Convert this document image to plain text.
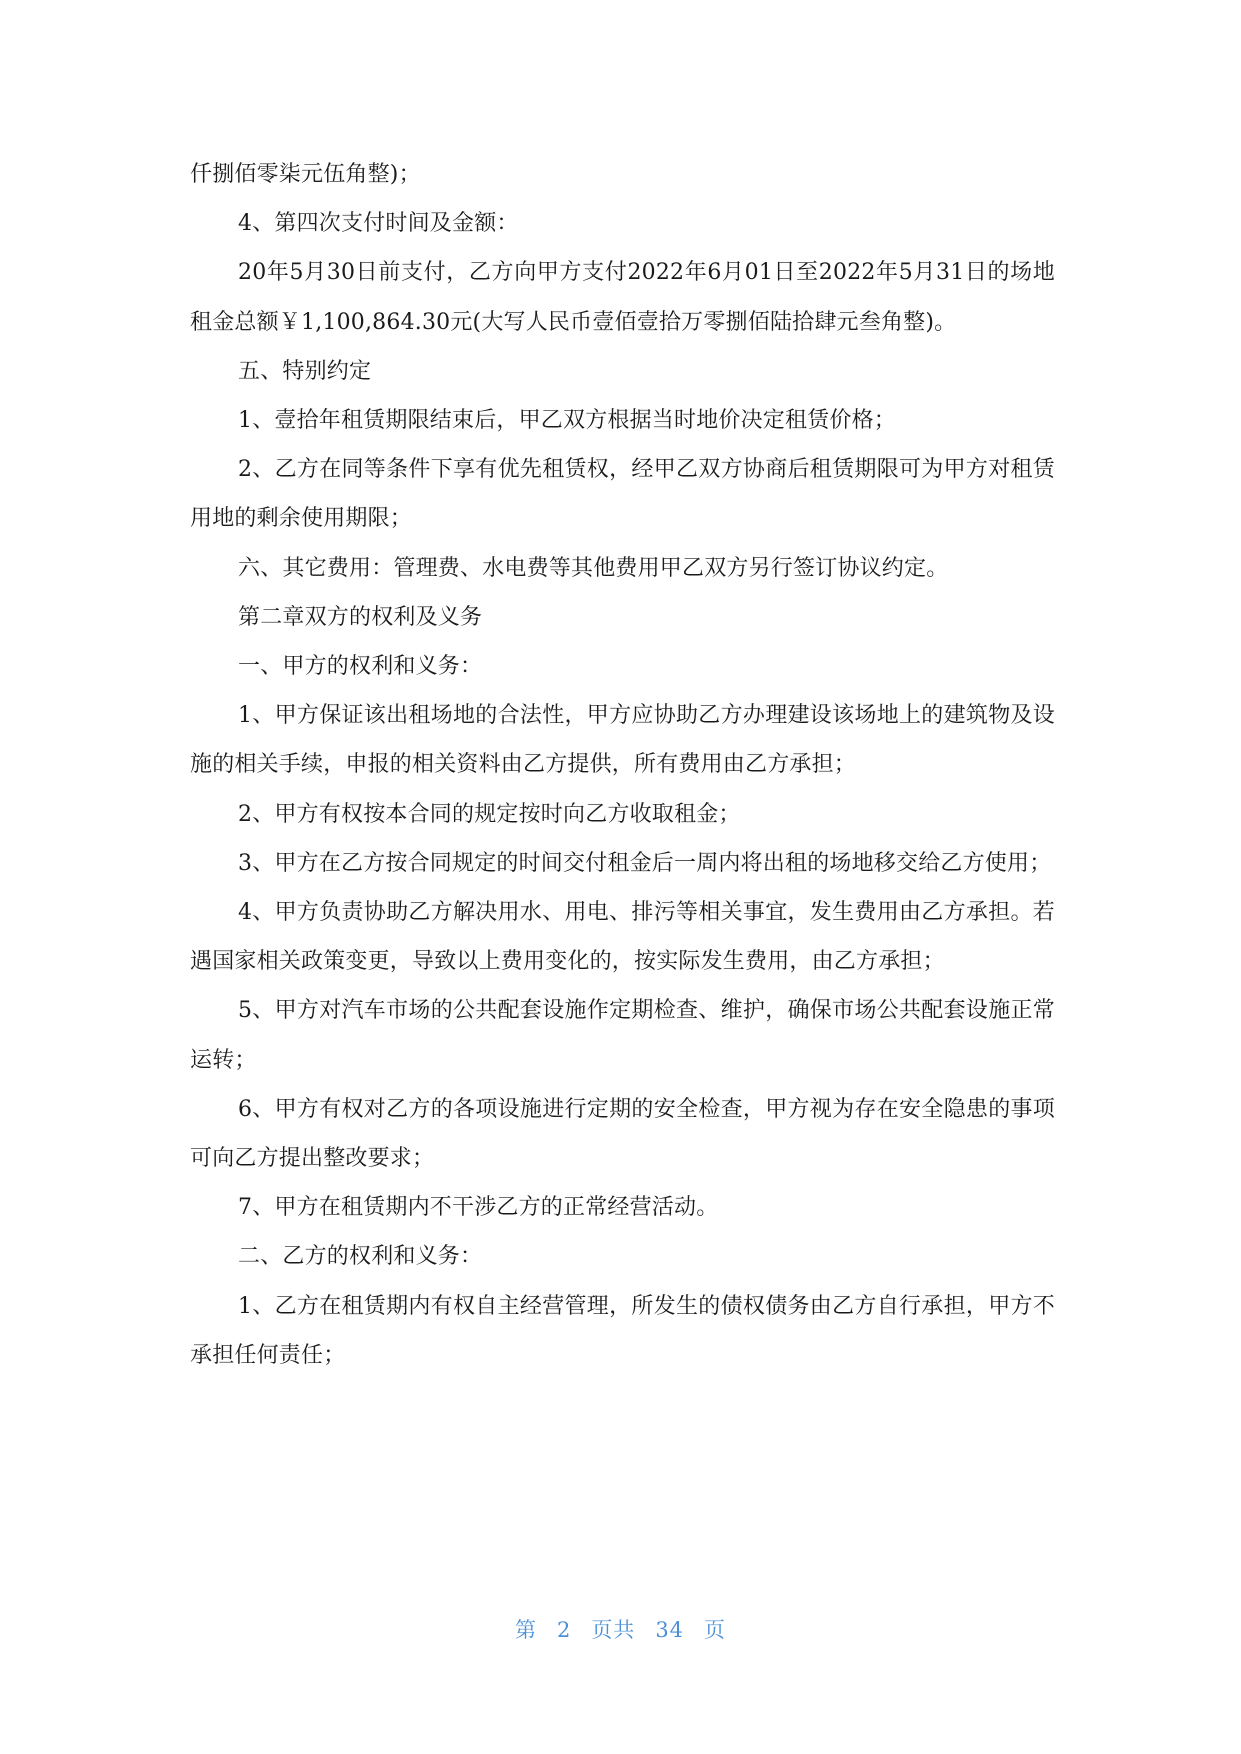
仟捌佰零柒元伍角整)；

4、第四次支付时间及金额：

20年5月30日前支付，乙方向甲方支付2022年6月01日至2022年5月31日的场地租金总额￥1,100,864.30元(大写人民币壹佰壹拾万零捌佰陆拾肆元叁角整)。

五、特别约定

1、壹拾年租赁期限结束后，甲乙双方根据当时地价决定租赁价格；

2、乙方在同等条件下享有优先租赁权，经甲乙双方协商后租赁期限可为甲方对租赁用地的剩余使用期限；

六、其它费用：管理费、水电费等其他费用甲乙双方另行签订协议约定。

第二章双方的权利及义务

一、甲方的权利和义务：

1、甲方保证该出租场地的合法性，甲方应协助乙方办理建设该场地上的建筑物及设施的相关手续，申报的相关资料由乙方提供，所有费用由乙方承担；

2、甲方有权按本合同的规定按时向乙方收取租金；

3、甲方在乙方按合同规定的时间交付租金后一周内将出租的场地移交给乙方使用；

4、甲方负责协助乙方解决用水、用电、排污等相关事宜，发生费用由乙方承担。若遇国家相关政策变更，导致以上费用变化的，按实际发生费用，由乙方承担；

5、甲方对汽车市场的公共配套设施作定期检查、维护，确保市场公共配套设施正常运转；

6、甲方有权对乙方的各项设施进行定期的安全检查，甲方视为存在安全隐患的事项可向乙方提出整改要求；

7、甲方在租赁期内不干涉乙方的正常经营活动。

二、乙方的权利和义务：

1、乙方在租赁期内有权自主经营管理，所发生的债权债务由乙方自行承担，甲方不承担任何责任；

第 2 页共 34 页
